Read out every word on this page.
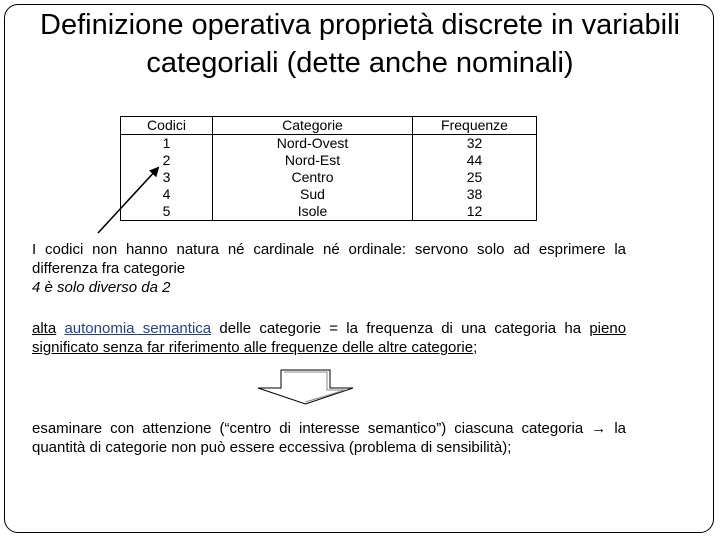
Definizione operativa proprietà discrete in variabili
categoriali (dette anche nominali)
Codici	Categorie	Frequenze
1	Nord-Ovest	32
2	Nord-Est	44
3	Centro	25
4	Sud	38
5	Isole	12
I codici non hanno natura né cardinale né ordinale: servono solo ad esprimere la differenza fra categorie
4 è solo diverso da 2
alta autonomia semantica delle categorie = la frequenza di una categoria ha pieno significato senza far riferimento alle frequenze delle altre categorie;
esaminare con attenzione (“centro di interesse semantico”) ciascuna categoria → la quantità di categorie non può essere eccessiva (problema di sensibilità);
